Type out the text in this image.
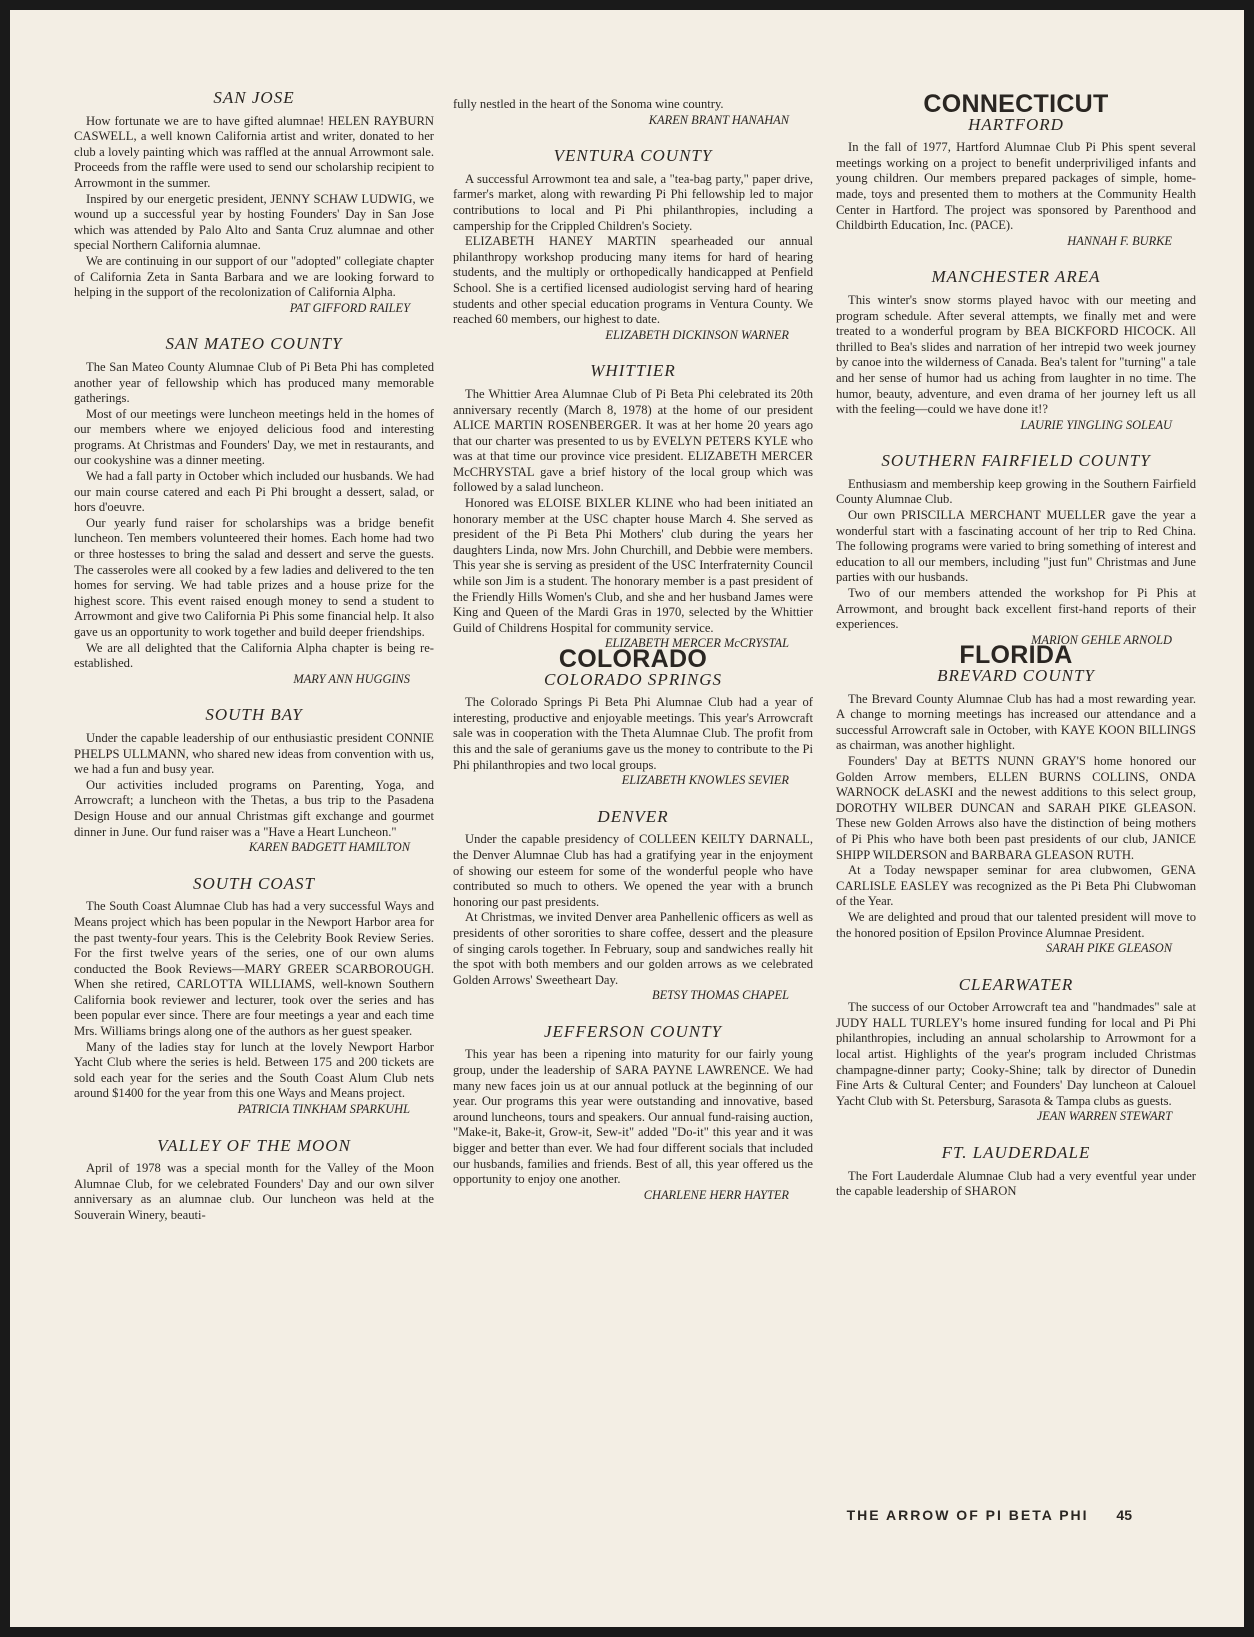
SAN JOSE

How fortunate we are to have gifted alumnae! HELEN RAYBURN CASWELL, a well known California artist and writer, donated to her club a lovely painting which was raffled at the annual Arrowmont sale. Proceeds from the raffle were used to send our scholarship recipient to Arrowmont in the summer.

Inspired by our energetic president, JENNY SCHAW LUDWIG, we wound up a successful year by hosting Founders' Day in San Jose which was attended by Palo Alto and Santa Cruz alumnae and other special Northern California alumnae.

We are continuing in our support of our "adopted" collegiate chapter of California Zeta in Santa Barbara and we are looking forward to helping in the support of the recolonization of California Alpha.

PAT GIFFORD RAILEY
SAN MATEO COUNTY

The San Mateo County Alumnae Club of Pi Beta Phi has completed another year of fellowship which has produced many memorable gatherings.

Most of our meetings were luncheon meetings held in the homes of our members where we enjoyed delicious food and interesting programs. At Christmas and Founders' Day, we met in restaurants, and our cookyshine was a dinner meeting.

We had a fall party in October which included our husbands. We had our main course catered and each Pi Phi brought a dessert, salad, or hors d'oeuvre.

Our yearly fund raiser for scholarships was a bridge benefit luncheon. Ten members volunteered their homes. Each home had two or three hostesses to bring the salad and dessert and serve the guests. The casseroles were all cooked by a few ladies and delivered to the ten homes for serving. We had table prizes and a house prize for the highest score. This event raised enough money to send a student to Arrowmont and give two California Pi Phis some financial help. It also gave us an opportunity to work together and build deeper friendships.

We are all delighted that the California Alpha chapter is being re-established.

MARY ANN HUGGINS
SOUTH BAY

Under the capable leadership of our enthusiastic president CONNIE PHELPS ULLMANN, who shared new ideas from convention with us, we had a fun and busy year.

Our activities included programs on Parenting, Yoga, and Arrowcraft; a luncheon with the Thetas, a bus trip to the Pasadena Design House and our annual Christmas gift exchange and gourmet dinner in June. Our fund raiser was a "Have a Heart Luncheon."

KAREN BADGETT HAMILTON
SOUTH COAST

The South Coast Alumnae Club has had a very successful Ways and Means project which has been popular in the Newport Harbor area for the past twenty-four years. This is the Celebrity Book Review Series. For the first twelve years of the series, one of our own alums conducted the Book Reviews—MARY GREER SCARBOROUGH. When she retired, CARLOTTA WILLIAMS, well-known Southern California book reviewer and lecturer, took over the series and has been popular ever since. There are four meetings a year and each time Mrs. Williams brings along one of the authors as her guest speaker.

Many of the ladies stay for lunch at the lovely Newport Harbor Yacht Club where the series is held. Between 175 and 200 tickets are sold each year for the series and the South Coast Alum Club nets around $1400 for the year from this one Ways and Means project.

PATRICIA TINKHAM SPARKUHL
VALLEY OF THE MOON

April of 1978 was a special month for the Valley of the Moon Alumnae Club, for we celebrated Founders' Day and our own silver anniversary as an alumnae club. Our luncheon was held at the Souverain Winery, beauti-

fully nestled in the heart of the Sonoma wine country.

KAREN BRANT HANAHAN
VENTURA COUNTY

A successful Arrowmont tea and sale, a "tea-bag party," paper drive, farmer's market, along with rewarding Pi Phi fellowship led to major contributions to local and Pi Phi philanthropies, including a campership for the Crippled Children's Society.

ELIZABETH HANEY MARTIN spearheaded our annual philanthropy workshop producing many items for hard of hearing students, and the multiply or orthopedically handicapped at Penfield School. She is a certified licensed audiologist serving hard of hearing students and other special education programs in Ventura County. We reached 60 members, our highest to date.

ELIZABETH DICKINSON WARNER
WHITTIER

The Whittier Area Alumnae Club of Pi Beta Phi celebrated its 20th anniversary recently (March 8, 1978) at the home of our president ALICE MARTIN ROSENBERGER. It was at her home 20 years ago that our charter was presented to us by EVELYN PETERS KYLE who was at that time our province vice president. ELIZABETH MERCER McCHRYSTAL gave a brief history of the local group which was followed by a salad luncheon.

Honored was ELOISE BIXLER KLINE who had been initiated an honorary member at the USC chapter house March 4. She served as president of the Pi Beta Phi Mothers' club during the years her daughters Linda, now Mrs. John Churchill, and Debbie were members. This year she is serving as president of the USC Interfraternity Council while son Jim is a student. The honorary member is a past president of the Friendly Hills Women's Club, and she and her husband James were King and Queen of the Mardi Gras in 1970, selected by the Whittier Guild of Childrens Hospital for community service.

ELIZABETH MERCER McCRYSTAL
COLORADO
COLORADO SPRINGS

The Colorado Springs Pi Beta Phi Alumnae Club had a year of interesting, productive and enjoyable meetings. This year's Arrowcraft sale was in cooperation with the Theta Alumnae Club. The profit from this and the sale of geraniums gave us the money to contribute to the Pi Phi philanthropies and two local groups.

ELIZABETH KNOWLES SEVIER
DENVER

Under the capable presidency of COLLEEN KEILTY DARNALL, the Denver Alumnae Club has had a gratifying year in the enjoyment of showing our esteem for some of the wonderful people who have contributed so much to others. We opened the year with a brunch honoring our past presidents.

At Christmas, we invited Denver area Panhellenic officers as well as presidents of other sororities to share coffee, dessert and the pleasure of singing carols together. In February, soup and sandwiches really hit the spot with both members and our golden arrows as we celebrated Golden Arrows' Sweetheart Day.

BETSY THOMAS CHAPEL
JEFFERSON COUNTY

This year has been a ripening into maturity for our fairly young group, under the leadership of SARA PAYNE LAWRENCE. We had many new faces join us at our annual potluck at the beginning of our year. Our programs this year were outstanding and innovative, based around luncheons, tours and speakers. Our annual fund-raising auction, "Make-it, Bake-it, Grow-it, Sew-it" added "Do-it" this year and it was bigger and better than ever. We had four different socials that included our husbands, families and friends. Best of all, this year offered us the opportunity to enjoy one another.

CHARLENE HERR HAYTER
CONNECTICUT
HARTFORD

In the fall of 1977, Hartford Alumnae Club Pi Phis spent several meetings working on a project to benefit underpriviliged infants and young children. Our members prepared packages of simple, home-made, toys and presented them to mothers at the Community Health Center in Hartford. The project was sponsored by Parenthood and Childbirth Education, Inc. (PACE).

HANNAH F. BURKE
MANCHESTER AREA

This winter's snow storms played havoc with our meeting and program schedule. After several attempts, we finally met and were treated to a wonderful program by BEA BICKFORD HICOCK. All thrilled to Bea's slides and narration of her intrepid two week journey by canoe into the wilderness of Canada. Bea's talent for "turning" a tale and her sense of humor had us aching from laughter in no time. The humor, beauty, adventure, and even drama of her journey left us all with the feeling—could we have done it!?

LAURIE YINGLING SOLEAU
SOUTHERN FAIRFIELD COUNTY

Enthusiasm and membership keep growing in the Southern Fairfield County Alumnae Club.

Our own PRISCILLA MERCHANT MUELLER gave the year a wonderful start with a fascinating account of her trip to Red China. The following programs were varied to bring something of interest and education to all our members, including "just fun" Christmas and June parties with our husbands.

Two of our members attended the workshop for Pi Phis at Arrowmont, and brought back excellent first-hand reports of their experiences.

MARION GEHLE ARNOLD
FLORIDA
BREVARD COUNTY

The Brevard County Alumnae Club has had a most rewarding year. A change to morning meetings has increased our attendance and a successful Arrowcraft sale in October, with KAYE KOON BILLINGS as chairman, was another highlight.

Founders' Day at BETTS NUNN GRAY'S home honored our Golden Arrow members, ELLEN BURNS COLLINS, ONDA WARNOCK deLASKI and the newest additions to this select group, DOROTHY WILBER DUNCAN and SARAH PIKE GLEASON. These new Golden Arrows also have the distinction of being mothers of Pi Phis who have both been past presidents of our club, JANICE SHIPP WILDERSON and BARBARA GLEASON RUTH.

At a Today newspaper seminar for area clubwomen, GENA CARLISLE EASLEY was recognized as the Pi Beta Phi Clubwoman of the Year.

We are delighted and proud that our talented president will move to the honored position of Epsilon Province Alumnae President.

SARAH PIKE GLEASON
CLEARWATER

The success of our October Arrowcraft tea and "handmades" sale at JUDY HALL TURLEY's home insured funding for local and Pi Phi philanthropies, including an annual scholarship to Arrowmont for a local artist. Highlights of the year's program included Christmas champagne-dinner party; Cooky-Shine; talk by director of Dunedin Fine Arts & Cultural Center; and Founders' Day luncheon at Calouel Yacht Club with St. Petersburg, Sarasota & Tampa clubs as guests.

JEAN WARREN STEWART
FT. LAUDERDALE

The Fort Lauderdale Alumnae Club had a very eventful year under the capable leadership of SHARON

THE ARROW OF PI BETA PHI 45
